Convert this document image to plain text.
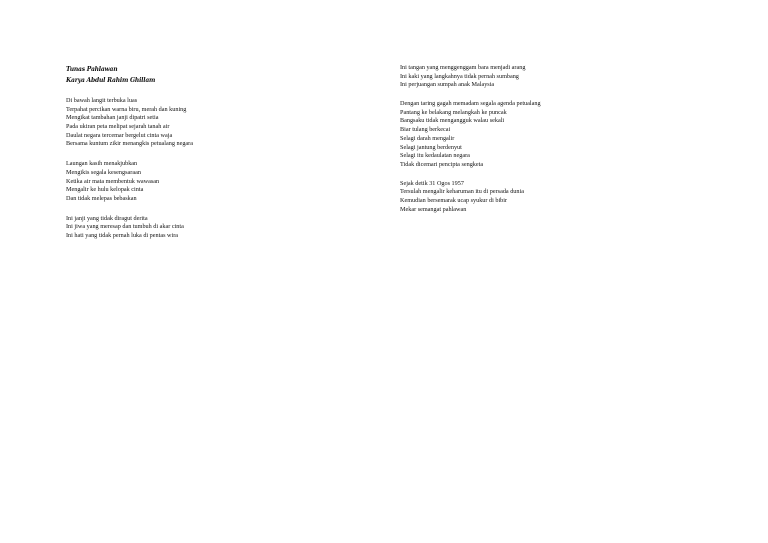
Tunas Pahlawan
Karya Abdul Rahim Ghillam
Di bawah langit terbuka luas
Terpahat percikan warna biru, merah dan kuning
Mengikat tambahan janji dipatri setia
Pada ukiran peta melipat sejarah tanah air
Daulat negara tercemar bergelut cinta waja
Bersama kuntum zikir menangkis petualang negara
Laungan kasih menakjubkan
Mengikis segala kesengsaraan
Ketika air mata membentuk wawasan
Mengalir ke hulu kelopak cinta
Dan tidak melepas bebaskan
Ini janji yang tidak diragut derita
Ini jiwa yang meresap dan tumbuh di akar cinta
Ini hati yang tidak pernah luka di pentas wira
Ini tangan yang menggenggam bara menjadi arang
Ini kaki yang langkahnya tidak pernah sumbang
Ini perjuangan sumpah anak Malaysia
Dengan taring gagah memadam segala agenda petualang
Pantang ke belakang melangkah ke puncak
Bangsaku tidak mengangguk walau sekali
Biar tulang berkecai
Selagi darah mengalir
Selagi jantung berdenyut
Selagi itu kedaulatan negara
Tidak dicemari pencipta sengketa
Sejak detik 31 Ogos 1957
Tersulah mengalir keharuman itu di persada dunia
Kemudian bersemarak ucap syukur di bibir
Mekar semangat pahlawan
